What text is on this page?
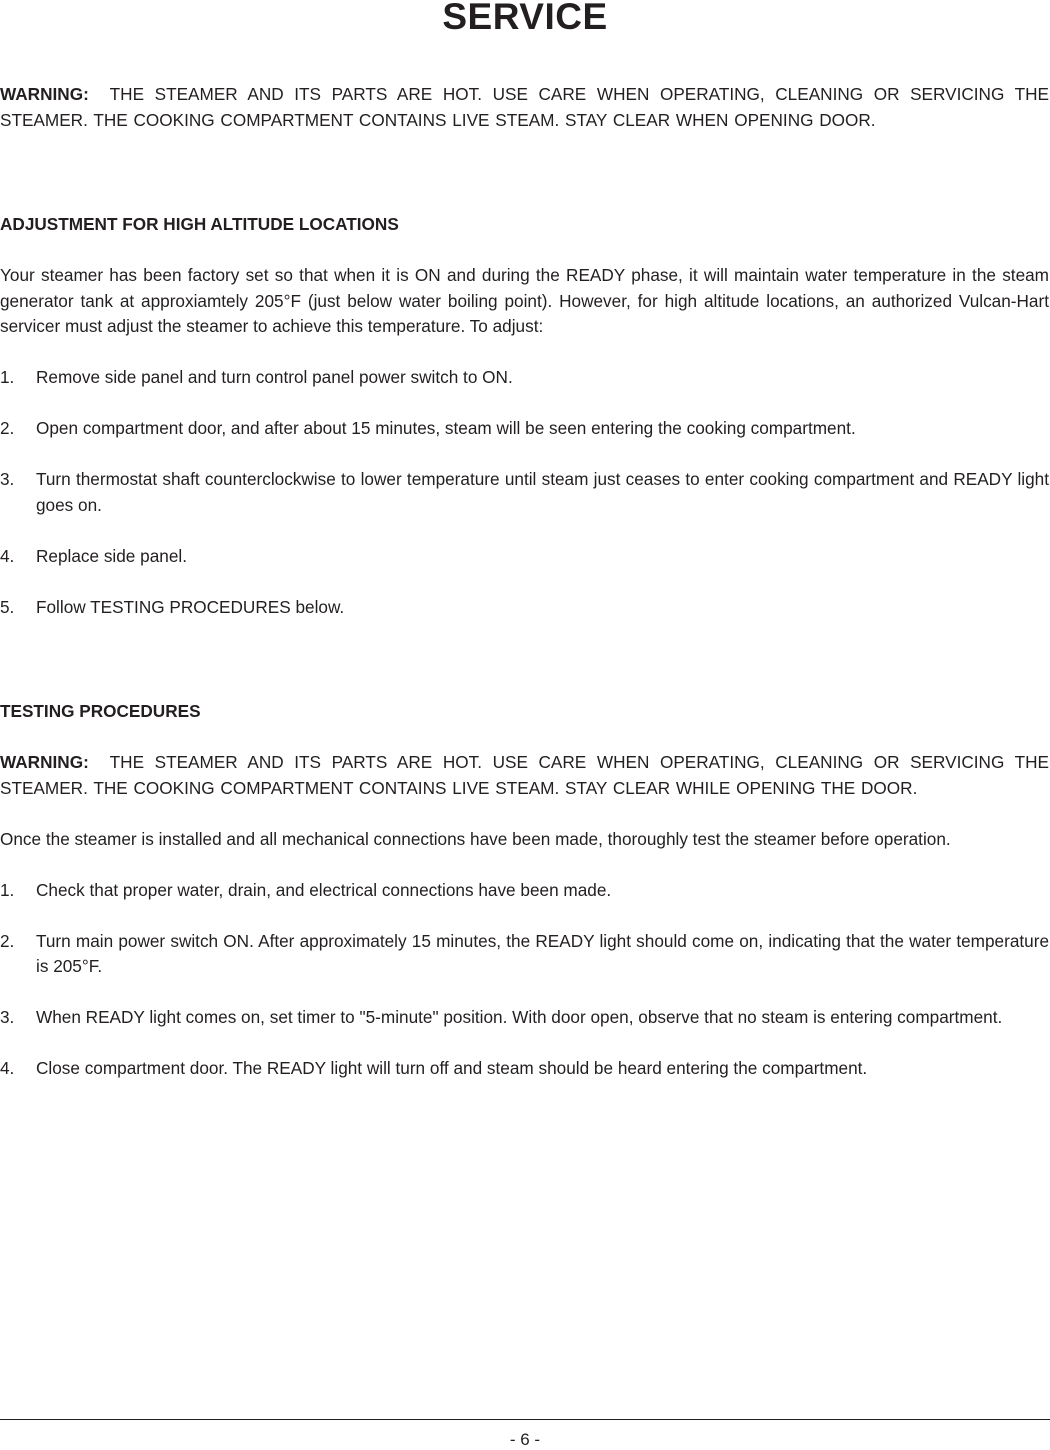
SERVICE

WARNING: THE STEAMER AND ITS PARTS ARE HOT. USE CARE WHEN OPERATING, CLEANING OR SERVICING THE STEAMER. THE COOKING COMPARTMENT CONTAINS LIVE STEAM. STAY CLEAR WHEN OPENING DOOR.

ADJUSTMENT FOR HIGH ALTITUDE LOCATIONS

Your steamer has been factory set so that when it is ON and during the READY phase, it will maintain water temperature in the steam generator tank at approxiamtely 205°F (just below water boiling point). However, for high altitude locations, an authorized Vulcan-Hart servicer must adjust the steamer to achieve this temperature. To adjust:

1. Remove side panel and turn control panel power switch to ON.
2. Open compartment door, and after about 15 minutes, steam will be seen entering the cooking compartment.
3. Turn thermostat shaft counterclockwise to lower temperature until steam just ceases to enter cooking compartment and READY light goes on.
4. Replace side panel.
5. Follow TESTING PROCEDURES below.
TESTING PROCEDURES

WARNING: THE STEAMER AND ITS PARTS ARE HOT. USE CARE WHEN OPERATING, CLEANING OR SERVICING THE STEAMER. THE COOKING COMPARTMENT CONTAINS LIVE STEAM. STAY CLEAR WHILE OPENING THE DOOR.

Once the steamer is installed and all mechanical connections have been made, thoroughly test the steamer before operation.

1. Check that proper water, drain, and electrical connections have been made.
2. Turn main power switch ON. After approximately 15 minutes, the READY light should come on, indicating that the water temperature is 205°F.
3. When READY light comes on, set timer to "5-minute" position. With door open, observe that no steam is entering compartment.
4. Close compartment door. The READY light will turn off and steam should be heard entering the compartment.
- 6 -
